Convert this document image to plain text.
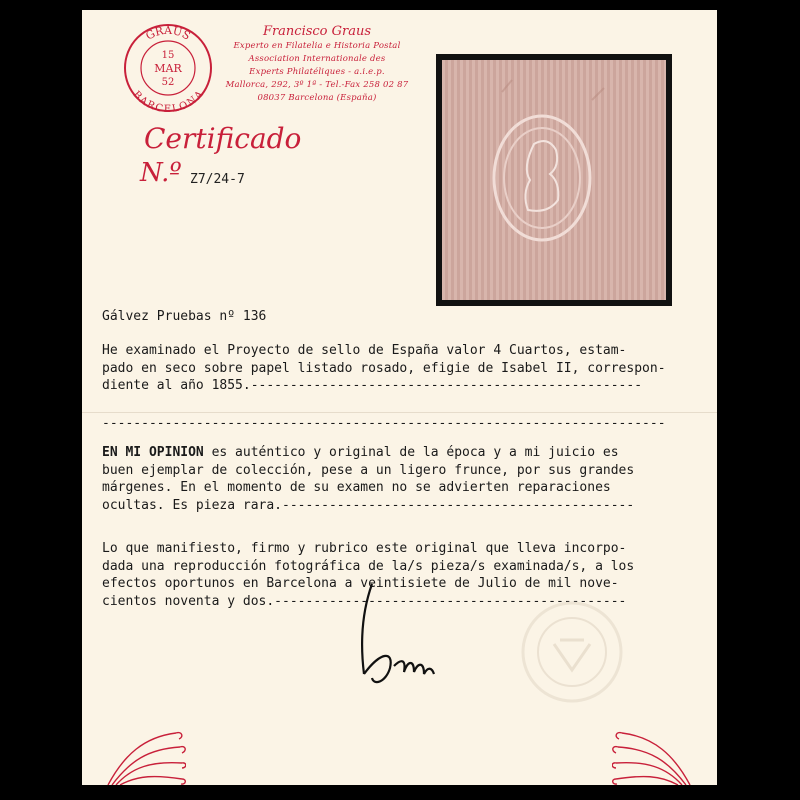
GRAUS
BARCELONA
15
MAR
52
Francisco Graus
Experto en Filatelia e Historia Postal
Association Internationale des
Experts Philatéliques - a.i.e.p.
Mallorca, 292, 3º 1ª - Tel.-Fax 258 02 87
08037 Barcelona (España)
Certificado
N.º Z7/24-7
Gálvez Pruebas nº 136
He examinado el Proyecto de sello de España valor 4 Cuartos, estam-
pado en seco sobre papel listado rosado, efigie de Isabel II, correspon-
diente al año 1855.--------------------------------------------------
------------------------------------------------------------------------
EN MI OPINION es auténtico y original de la época y a mi juicio es
buen ejemplar de colección, pese a un ligero frunce, por sus grandes
márgenes. En el momento de su examen no se advierten reparaciones
ocultas. Es pieza rara.---------------------------------------------
Lo que manifiesto, firmo y rubrico este original que lleva incorpo-
dada una reproducción fotográfica de la/s pieza/s examinada/s, a los
efectos oportunos en Barcelona a veintisiete de Julio de mil nove-
cientos noventa y dos.---------------------------------------------
